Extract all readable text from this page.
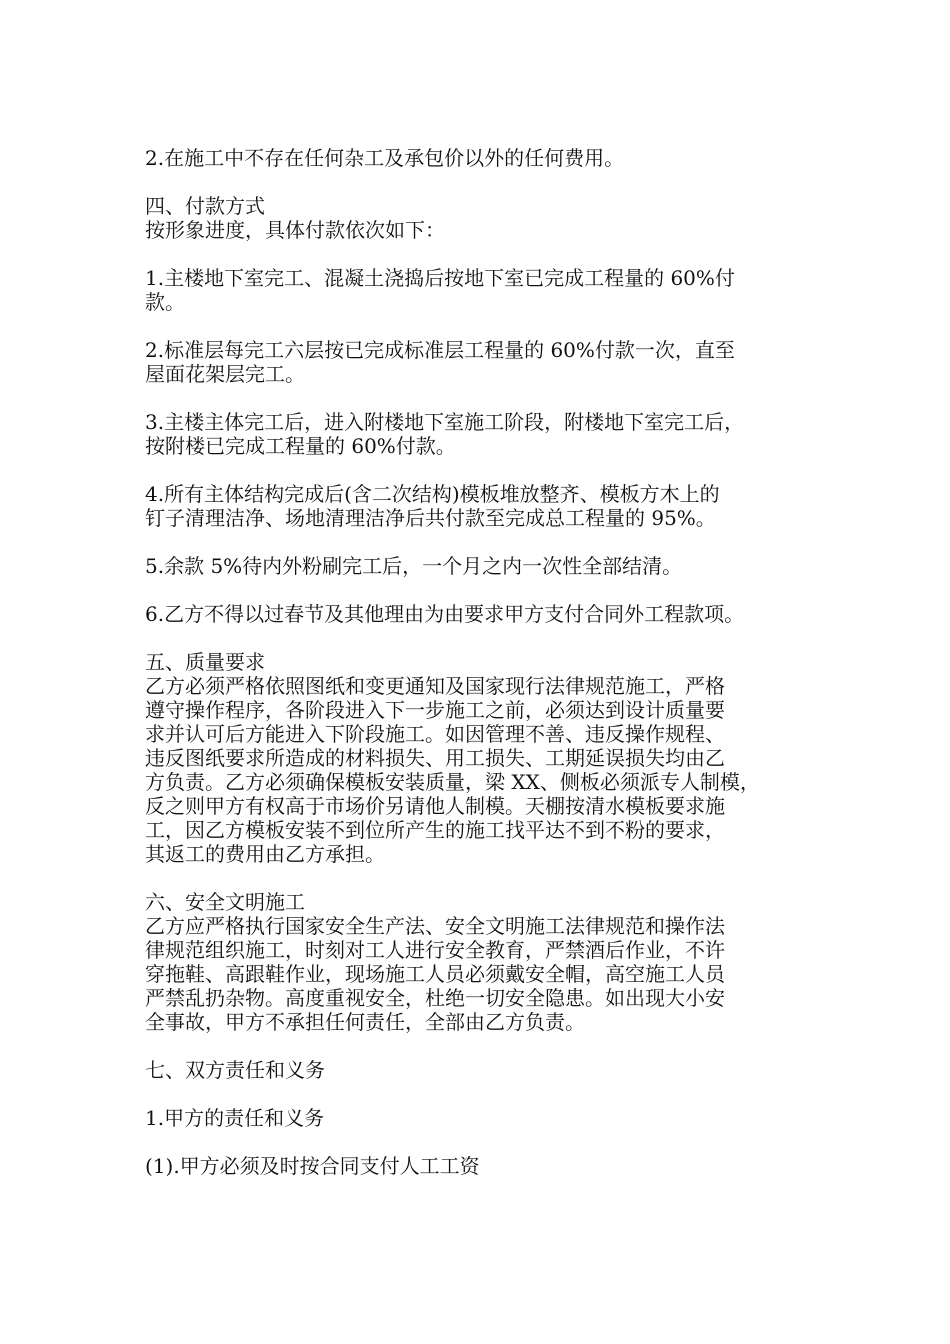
2.在施工中不存在任何杂工及承包价以外的任何费用。

四、付款方式

按形象进度，具体付款依次如下：

1.主楼地下室完工、混凝土浇捣后按地下室已完成工程量的 60%付
款。

2.标准层每完工六层按已完成标准层工程量的 60%付款一次，直至
屋面花架层完工。

3.主楼主体完工后，进入附楼地下室施工阶段，附楼地下室完工后，
按附楼已完成工程量的 60%付款。

4.所有主体结构完成后(含二次结构)模板堆放整齐、模板方木上的
钉子清理洁净、场地清理洁净后共付款至完成总工程量的 95%。

5.余款 5%待内外粉刷完工后，一个月之内一次性全部结清。

6.乙方不得以过春节及其他理由为由要求甲方支付合同外工程款项。

五、质量要求

乙方必须严格依照图纸和变更通知及国家现行法律规范施工，严格
遵守操作程序，各阶段进入下一步施工之前，必须达到设计质量要
求并认可后方能进入下阶段施工。如因管理不善、违反操作规程、
违反图纸要求所造成的材料损失、用工损失、工期延误损失均由乙
方负责。乙方必须确保模板安装质量，梁 XX、侧板必须派专人制模，
反之则甲方有权高于市场价另请他人制模。天棚按清水模板要求施
工，因乙方模板安装不到位所产生的施工找平达不到不粉的要求，
其返工的费用由乙方承担。

六、安全文明施工

乙方应严格执行国家安全生产法、安全文明施工法律规范和操作法
律规范组织施工，时刻对工人进行安全教育，严禁酒后作业，不许
穿拖鞋、高跟鞋作业，现场施工人员必须戴安全帽，高空施工人员
严禁乱扔杂物。高度重视安全，杜绝一切安全隐患。如出现大小安
全事故，甲方不承担任何责任，全部由乙方负责。

七、双方责任和义务

1.甲方的责任和义务

(1).甲方必须及时按合同支付人工工资
